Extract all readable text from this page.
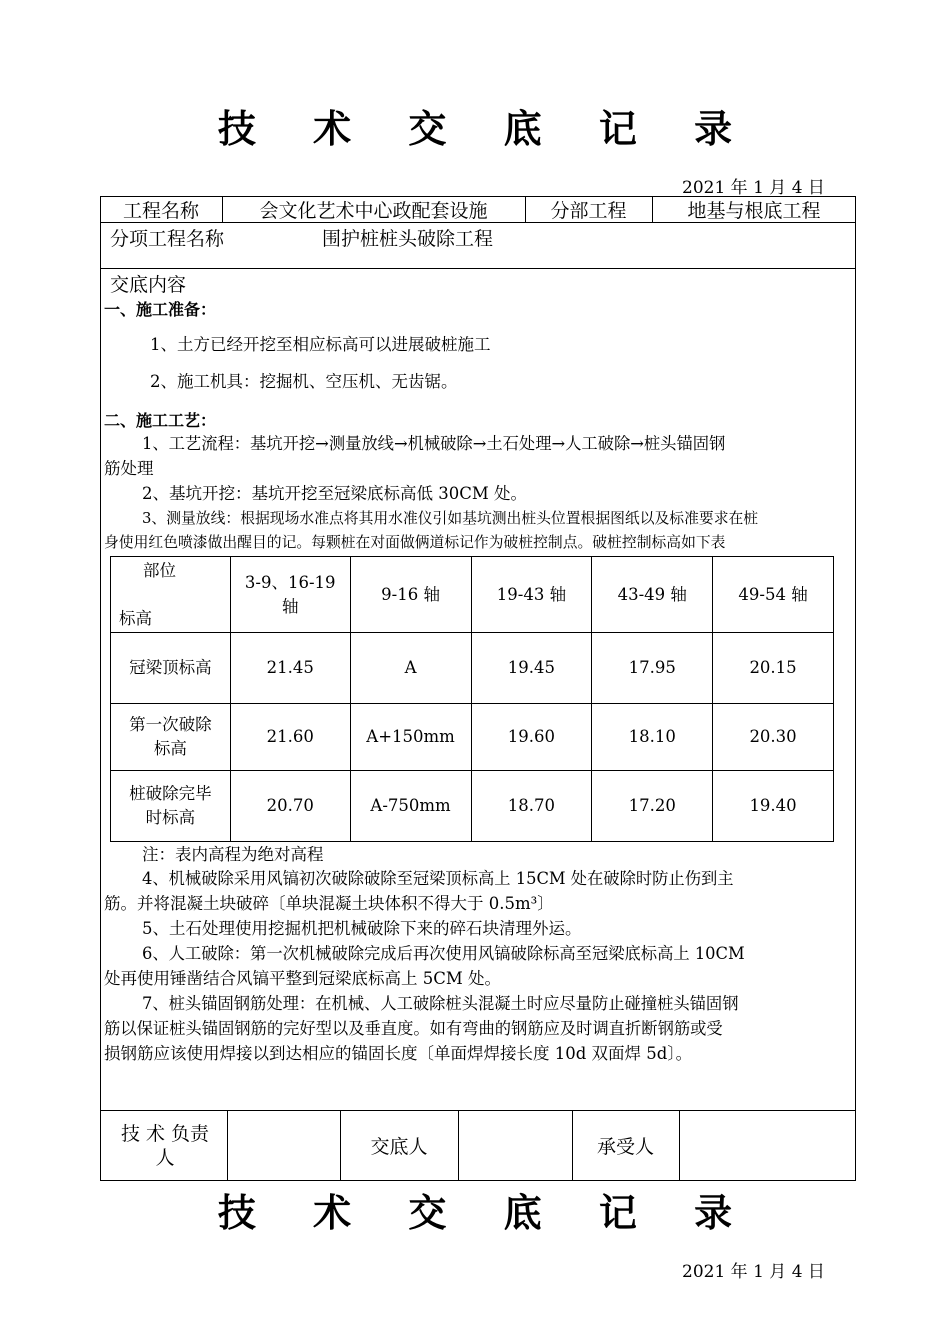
技 术 交 底 记 录
2021 年 1 月 4 日
工程名称	会文化艺术中心政配套设施	分部工程	地基与根底工程
分项工程名称	围护桩桩头破除工程
交底内容
一、施工准备：
1、土方已经开挖至相应标高可以进展破桩施工
2、施工机具：挖掘机、空压机、无齿锯。
二、施工工艺：
1、工艺流程：基坑开挖→测量放线→机械破除→土石处理→人工破除→桩头锚固钢
筋处理
2、基坑开挖：基坑开挖至冠梁底标高低 30CM 处。
3、测量放线：根据现场水准点将其用水准仪引如基坑测出桩头位置根据图纸以及标准要求在桩
身使用红色喷漆做出醒目的记。每颗桩在对面做俩道标记作为破桩控制点。破桩控制标高如下表
部位
标高	3-9、16-19 轴	9-16 轴	19-43 轴	43-49 轴	49-54 轴
冠梁顶标高	21.45	A	19.45	17.95	20.15
第一次破除标高	21.60	A+150mm	19.60	18.10	20.30
桩破除完毕时标高	20.70	A-750mm	18.70	17.20	19.40
注：表内高程为绝对高程
4、机械破除采用风镐初次破除破除至冠梁顶标高上 15CM 处在破除时防止伤到主
筋。并将混凝土块破碎〔单块混凝土块体积不得大于 0.5m³〕
5、土石处理使用挖掘机把机械破除下来的碎石块清理外运。
6、人工破除：第一次机械破除完成后再次使用风镐破除标高至冠梁底标高上 10CM
处再使用锤凿结合风镐平整到冠梁底标高上 5CM 处。
7、桩头锚固钢筋处理：在机械、人工破除桩头混凝土时应尽量防止碰撞桩头锚固钢
筋以保证桩头锚固钢筋的完好型以及垂直度。如有弯曲的钢筋应及时调直折断钢筋或受
损钢筋应该使用焊接以到达相应的锚固长度〔单面焊焊接长度 10d 双面焊 5d〕。
技 术 负责人	交底人	承受人
技 术 交 底 记 录
2021 年 1 月 4 日
